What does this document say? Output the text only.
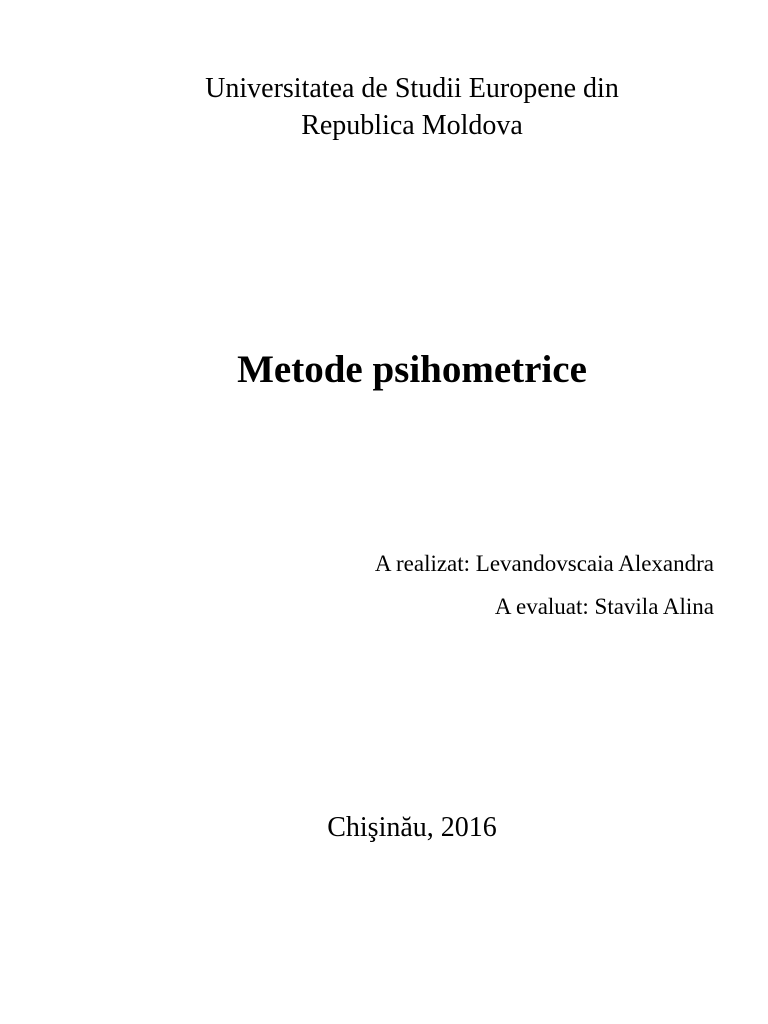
Universitatea de Studii Europene din
Republica Moldova
Metode psihometrice
A realizat: Levandovscaia Alexandra
A evaluat: Stavila Alina
Chişinău, 2016
